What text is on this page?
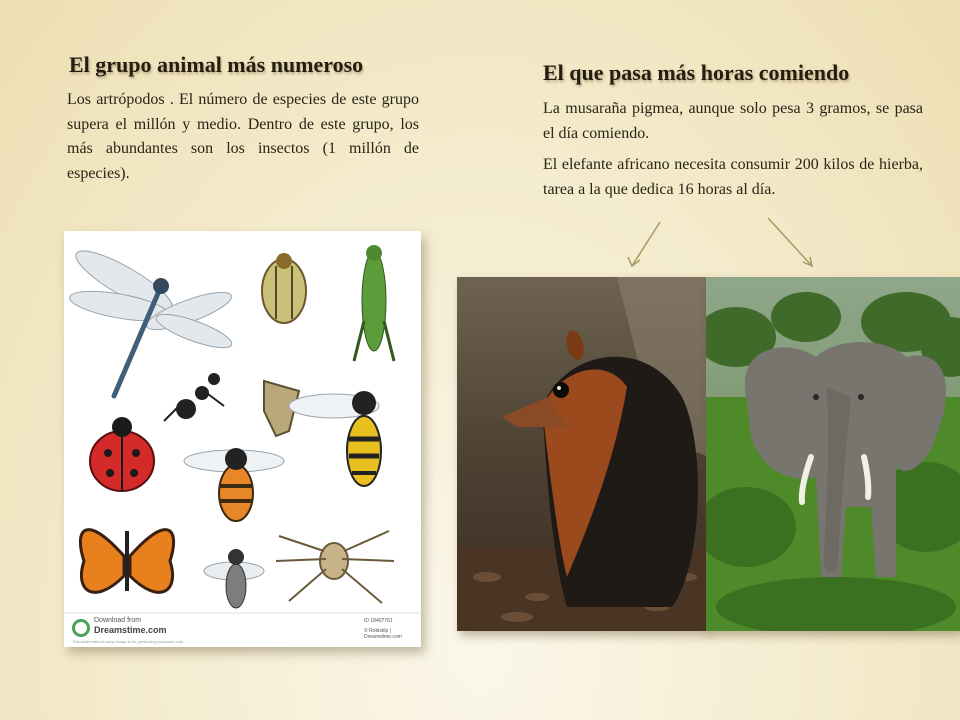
El grupo animal más numeroso

Los artrópodos . El número de especies de este grupo supera el millón y medio. Dentro de este grupo, los más abundantes son los insectos (1 millón de especies).

El que pasa más horas comiendo

La musaraña pigmea, aunque solo pesa 3 gramos, se pasa el día comiendo.

El elefante africano necesita consumir 200 kilos de hierba, tarea a la que dedica 16 horas al día.

Download from
Dreamstime.com
This watermarked comp image is for previewing purposes only.
ID 18407761
© Robisklp | Dreamstime.com
